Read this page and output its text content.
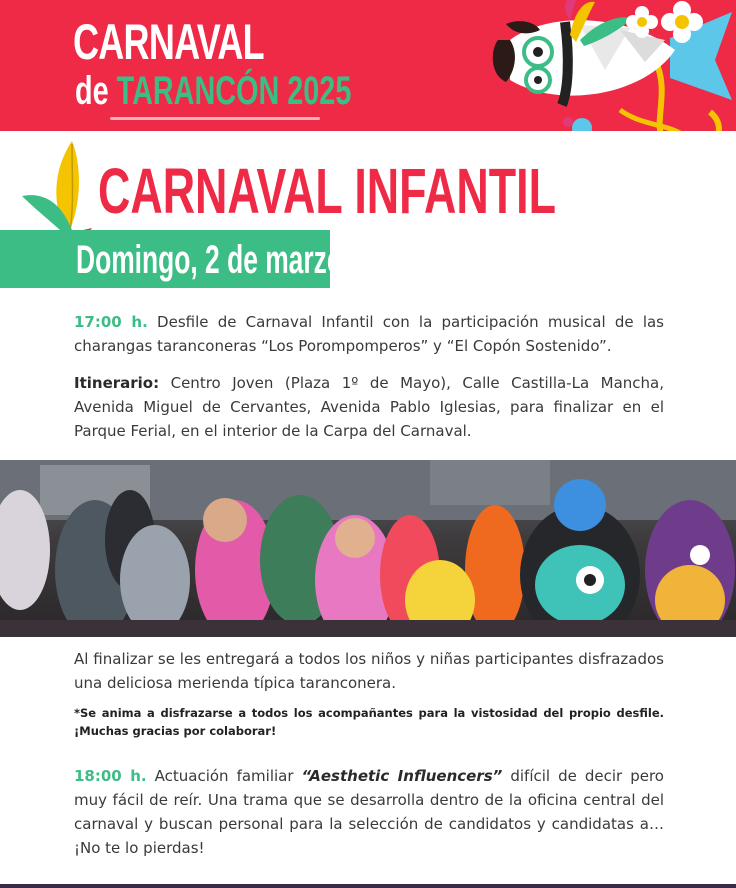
CARNAVAL
de TARANCÓN 2025
CARNAVAL INFANTIL
Domingo, 2 de marzo

17:00 h. Desfile de Carnaval Infantil con la participación musical de las charangas taranconeras “Los Porompomperos” y “El Copón Sostenido”.

Itinerario: Centro Joven (Plaza 1º de Mayo), Calle Castilla-La Mancha, Avenida Miguel de Cervantes, Avenida Pablo Iglesias, para finalizar en el Parque Ferial, en el interior de la Carpa del Carnaval.

Al finalizar se les entregará a todos los niños y niñas participantes disfrazados una deliciosa merienda típica taranconera.

*Se anima a disfrazarse a todos los acompañantes para la vistosidad del propio desfile. ¡Muchas gracias por colaborar!

18:00 h. Actuación familiar “Aesthetic Influencers” difícil de decir pero muy fácil de reír. Una trama que se desarrolla dentro de la oficina central del carnaval y buscan personal para la selección de candidatos y candidatas a… ¡No te lo pierdas!
